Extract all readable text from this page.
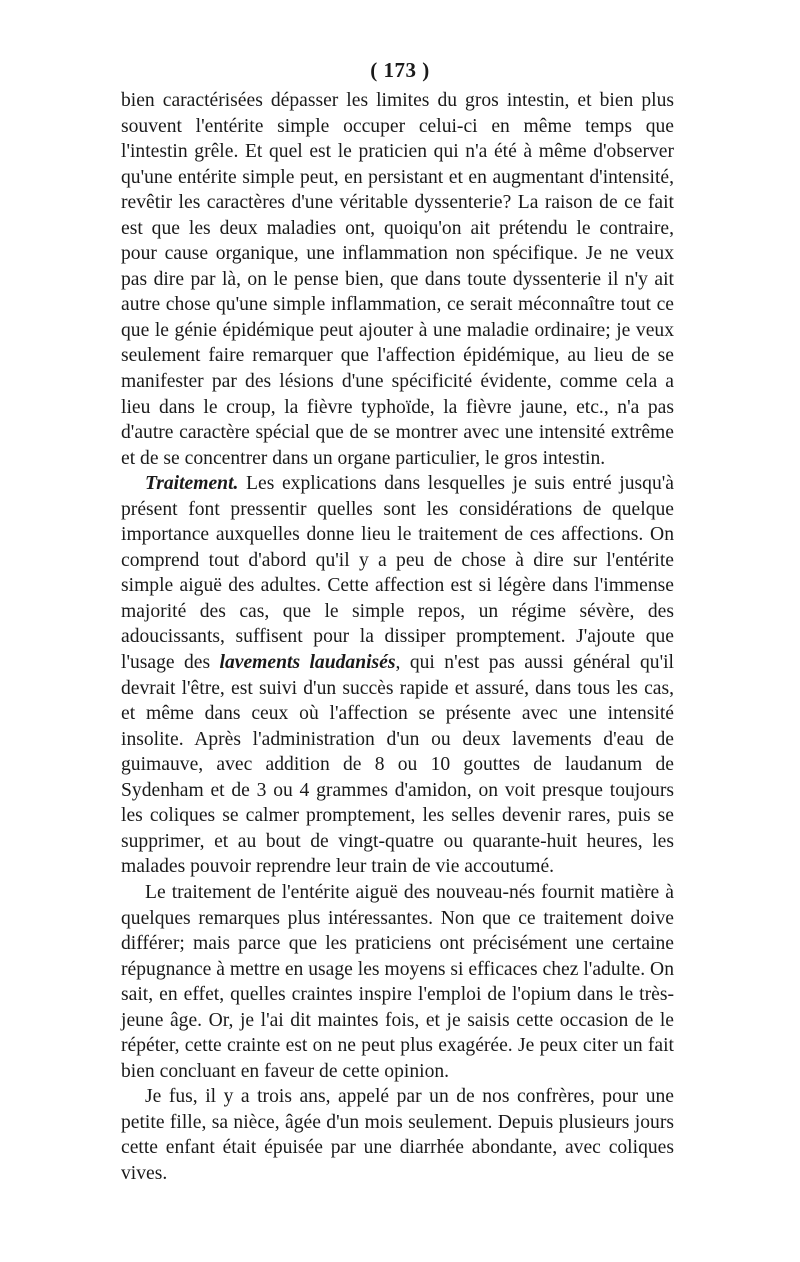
( 173 )

bien caractérisées dépasser les limites du gros intestin, et bien plus souvent l'entérite simple occuper celui-ci en même temps que l'intestin grêle. Et quel est le praticien qui n'a été à même d'observer qu'une entérite simple peut, en persistant et en augmentant d'intensité, revêtir les caractères d'une véritable dyssenterie? La raison de ce fait est que les deux maladies ont, quoiqu'on ait prétendu le contraire, pour cause organique, une inflammation non spécifique. Je ne veux pas dire par là, on le pense bien, que dans toute dyssenterie il n'y ait autre chose qu'une simple inflammation, ce serait méconnaître tout ce que le génie épidémique peut ajouter à une maladie ordinaire; je veux seulement faire remarquer que l'affection épidémique, au lieu de se manifester par des lésions d'une spécificité évidente, comme cela a lieu dans le croup, la fièvre typhoïde, la fièvre jaune, etc., n'a pas d'autre caractère spécial que de se montrer avec une intensité extrême et de se concentrer dans un organe particulier, le gros intestin.

Traitement. Les explications dans lesquelles je suis entré jusqu'à présent font pressentir quelles sont les considérations de quelque importance auxquelles donne lieu le traitement de ces affections. On comprend tout d'abord qu'il y a peu de chose à dire sur l'entérite simple aiguë des adultes. Cette affection est si légère dans l'immense majorité des cas, que le simple repos, un régime sévère, des adoucissants, suffisent pour la dissiper promptement. J'ajoute que l'usage des lavements laudanisés, qui n'est pas aussi général qu'il devrait l'être, est suivi d'un succès rapide et assuré, dans tous les cas, et même dans ceux où l'affection se présente avec une intensité insolite. Après l'administration d'un ou deux lavements d'eau de guimauve, avec addition de 8 ou 10 gouttes de laudanum de Sydenham et de 3 ou 4 grammes d'amidon, on voit presque toujours les coliques se calmer promptement, les selles devenir rares, puis se supprimer, et au bout de vingt-quatre ou quarante-huit heures, les malades pouvoir reprendre leur train de vie accoutumé.

Le traitement de l'entérite aiguë des nouveau-nés fournit matière à quelques remarques plus intéressantes. Non que ce traitement doive différer; mais parce que les praticiens ont précisément une certaine répugnance à mettre en usage les moyens si efficaces chez l'adulte. On sait, en effet, quelles craintes inspire l'emploi de l'opium dans le très-jeune âge. Or, je l'ai dit maintes fois, et je saisis cette occasion de le répéter, cette crainte est on ne peut plus exagérée. Je peux citer un fait bien concluant en faveur de cette opinion.

Je fus, il y a trois ans, appelé par un de nos confrères, pour une petite fille, sa nièce, âgée d'un mois seulement. Depuis plusieurs jours cette enfant était épuisée par une diarrhée abondante, avec coliques vives.
